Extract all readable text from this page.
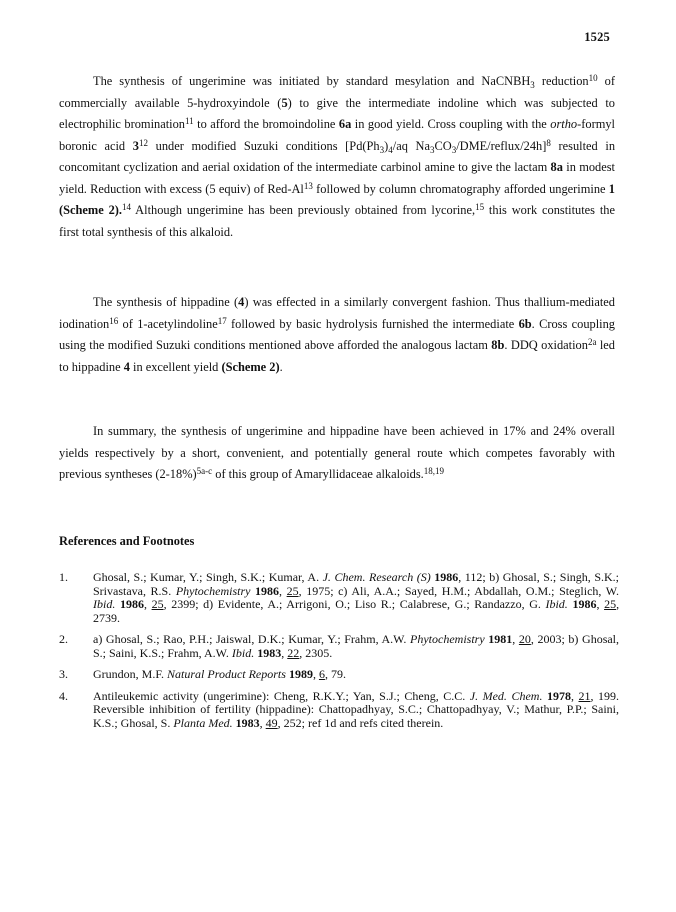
1525

The synthesis of ungerimine was initiated by standard mesylation and NaCNBH$_3$ reduction$^{10}$ of commercially available 5-hydroxyindole (5) to give the intermediate indoline which was subjected to electrophilic bromination$^{11}$ to afford the bromoindoline 6a in good yield. Cross coupling with the ortho-formyl boronic acid $3^{12}$ under modified Suzuki conditions [$Pd(Ph_3)_4/aq$ $Na_3CO_3/DME/reflux/24h]^8$ resulted in concomitant cyclization and aerial oxidation of the intermediate carbinol amine to give the lactam 8a in modest yield. Reduction with excess (5 equiv) of Red-Al$^{13}$ followed by column chromatography afforded ungerimine 1 (Scheme 2).$^{14}$ Although ungerimine has been previously obtained from lycorine,$^{15}$ this work constitutes the first total synthesis of this alkaloid.

The synthesis of hippadine (4) was effected in a similarly convergent fashion. Thus thallium-mediated iodination$^{16}$ of 1-acetylindoline$^{17}$ followed by basic hydrolysis furnished the intermediate 6b. Cross coupling using the modified Suzuki conditions mentioned above afforded the analogous lactam 8b. DDQ oxidation$^{2a}$ led to hippadine 4 in excellent yield (Scheme 2).

In summary, the synthesis of ungerimine and hippadine have been achieved in 17% and 24% overall yields respectively by a short, convenient, and potentially general route which competes favorably with previous syntheses $(2-18\%)^{5a-c}$ of this group of Amaryllidaceae alkaloids.$^{18,19}$

References and Footnotes
1.	Ghosal, S.; Kumar, Y.; Singh, S.K.; Kumar, A. J. Chem. Research (S) 1986, 112; b) Ghosal, S.; Singh, S.K.; Srivastava, R.S. Phytochemistry 1986, 25, 1975; c) Ali, A.A.; Sayed, H.M.; Abdallah, O.M.; Steglich, W. Ibid. 1986, 25, 2399; d) Evidente, A.; Arrigoni, O.; Liso R.; Calabrese, G.; Randazzo, G. Ibid. 1986, 25, 2739.
2.	a) Ghosal, S.; Rao, P.H.; Jaiswal, D.K.; Kumar, Y.; Frahm, A.W. Phytochemistry 1981, 20, 2003; b) Ghosal, S.; Saini, K.S.; Frahm, A.W. Ibid. 1983, 22, 2305.
3.	Grundon, M.F. Natural Product Reports 1989, 6, 79.
4.	Antileukemic activity (ungerimine): Cheng, R.K.Y.; Yan, S.J.; Cheng, C.C. J. Med. Chem. 1978, 21, 199. Reversible inhibition of fertility (hippadine): Chattopadhyay, S.C.; Chattopadhyay, V.; Mathur, P.P.; Saini, K.S.; Ghosal, S. Planta Med. 1983, 49, 252; ref 1d and refs cited therein.
